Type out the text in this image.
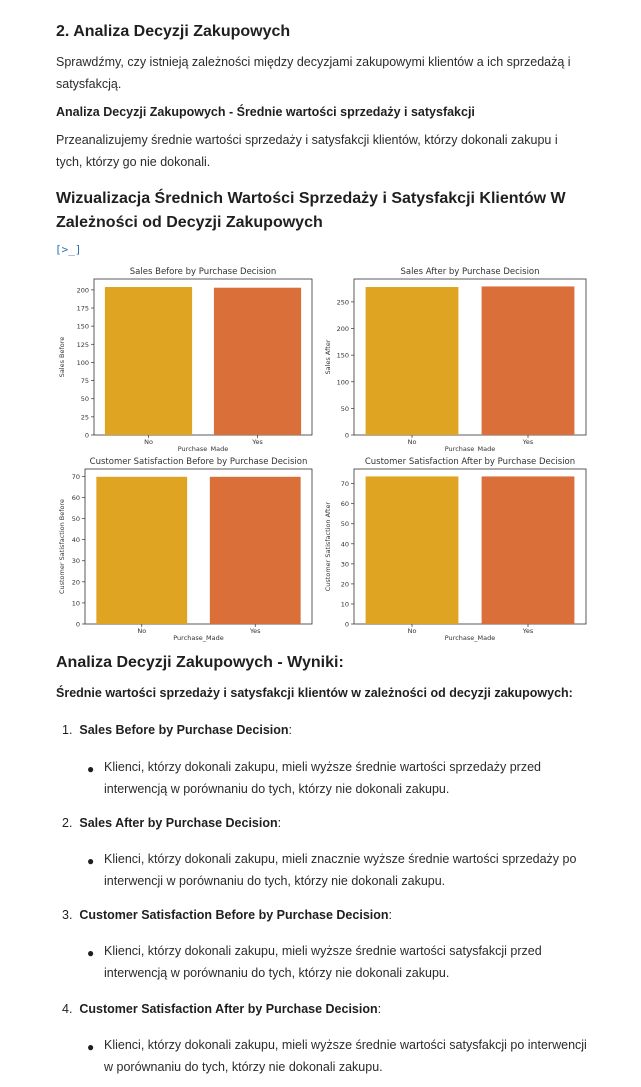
2. Analiza Decyzji Zakupowych

Sprawdźmy, czy istnieją zależności między decyzjami zakupowymi klientów a ich sprzedażą i satysfakcją.

Analiza Decyzji Zakupowych - Średnie wartości sprzedaży i satysfakcji

Przeanalizujemy średnie wartości sprzedaży i satysfakcji klientów, którzy dokonali zakupu i tych, którzy go nie dokonali.

Wizualizacja Średnich Wartości Sprzedaży i Satysfakcji Klientów W Zależności od Decyzji Zakupowych
[>_]
Sales Before by Purchase Decision
0
25
50
75
100
125
150
175
200
No	Yes
Purchase_Made
Sales Before
Sales After by Purchase Decision
0
50
100
150
200
250
No	Yes
Purchase_Made
Sales After
Customer Satisfaction Before by Purchase Decision
0
10
20
30
40
50
60
70
No	Yes
Purchase_Made
Customer Satisfaction Before
Customer Satisfaction After by Purchase Decision
0
10
20
30
40
50
60
70
No	Yes
Purchase_Made
Customer Satisfaction After
Analiza Decyzji Zakupowych - Wyniki:
Średnie wartości sprzedaży i satysfakcji klientów w zależności od decyzji zakupowych:
1. Sales Before by Purchase Decision:
● Klienci, którzy dokonali zakupu, mieli wyższe średnie wartości sprzedaży przed interwencją w porównaniu do tych, którzy nie dokonali zakupu.

2. Sales After by Purchase Decision:
● Klienci, którzy dokonali zakupu, mieli znacznie wyższe średnie wartości sprzedaży po interwencji w porównaniu do tych, którzy nie dokonali zakupu.

3. Customer Satisfaction Before by Purchase Decision:
● Klienci, którzy dokonali zakupu, mieli wyższe średnie wartości satysfakcji przed interwencją w porównaniu do tych, którzy nie dokonali zakupu.

4. Customer Satisfaction After by Purchase Decision:
● Klienci, którzy dokonali zakupu, mieli wyższe średnie wartości satysfakcji po interwencji w porównaniu do tych, którzy nie dokonali zakupu.
